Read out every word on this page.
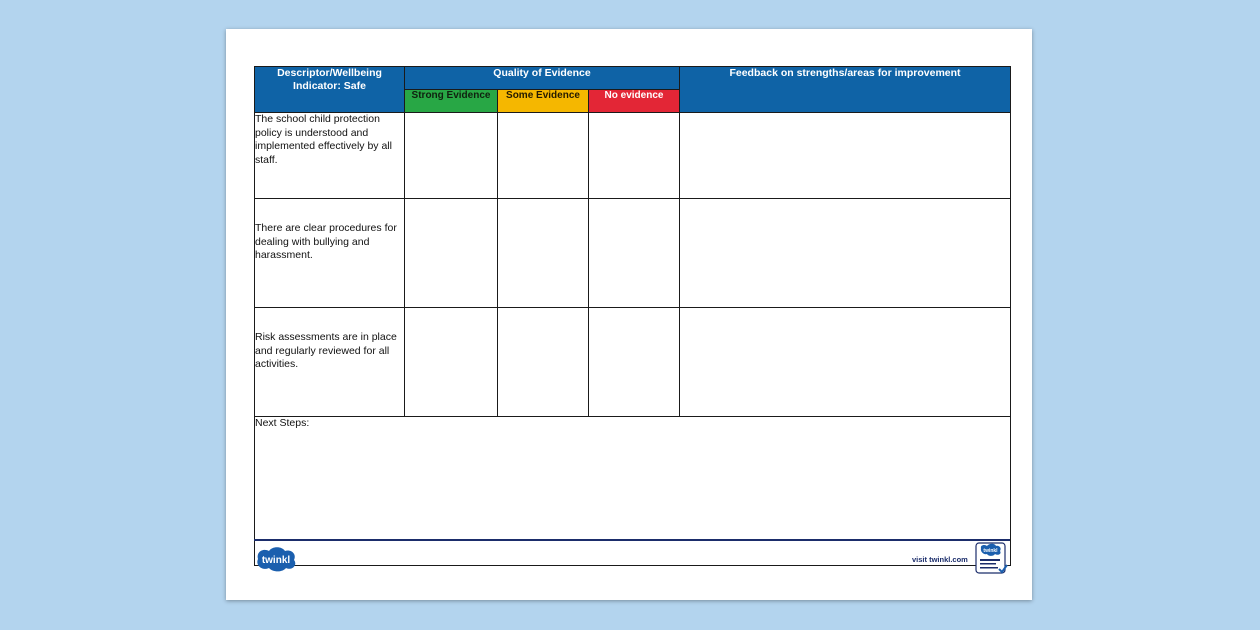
Descriptor/Wellbeing Indicator: Safe	Quality of Evidence			Feedback on strengths/areas for improvement
	Strong Evidence	Some Evidence	No evidence	
The school child protection policy is understood and implemented effectively by all staff.				
There are clear procedures for dealing with bullying and harassment.				
Risk assessments are in place and regularly reviewed for all activities.				
Next Steps:				
twinkl	visit twinkl.com
twinkl
